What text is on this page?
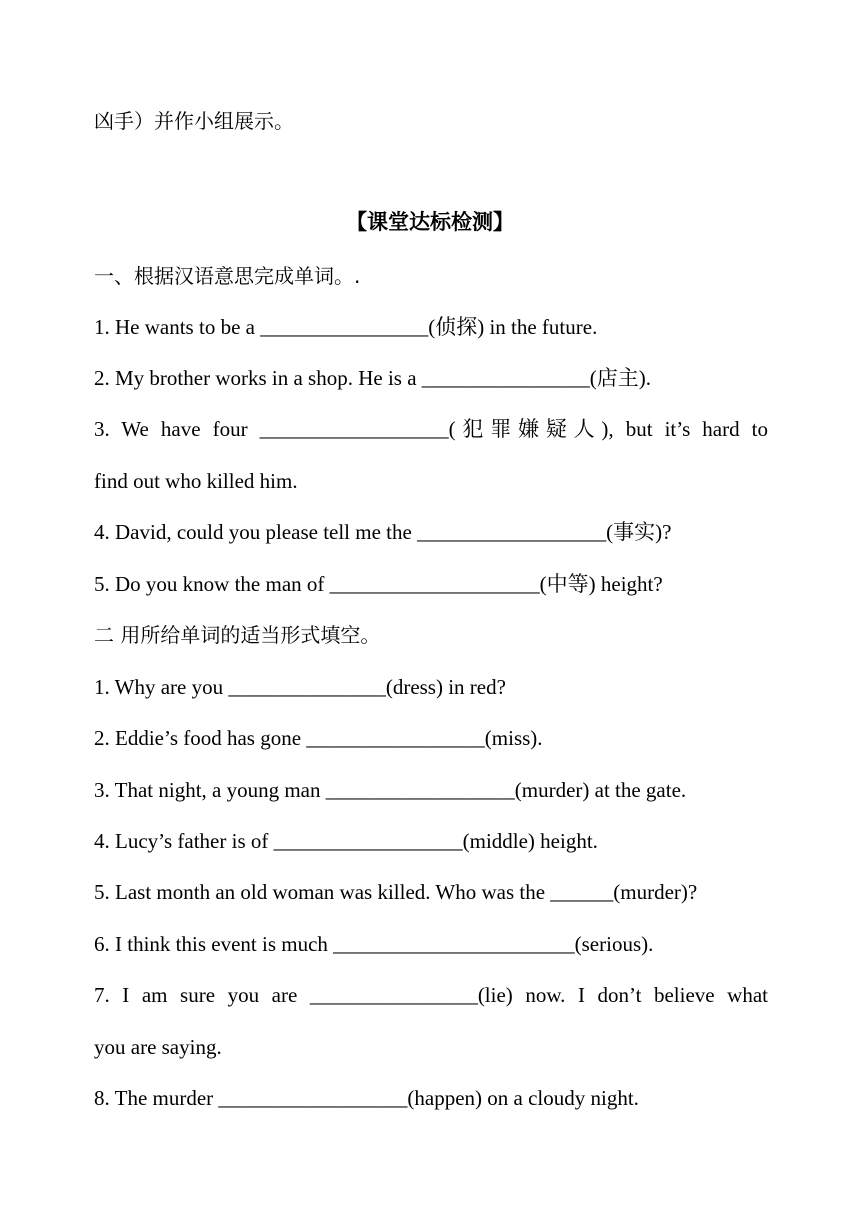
凶手）并作小组展示。
【课堂达标检测】
一、根据汉语意思完成单词。.
1. He wants to be a ________________(侦探) in the future.
2. My brother works in a shop. He is a ________________(店主).
3. We have four __________________(犯罪嫌疑人), but it’s hard to
find out who killed him.
4. David, could you please tell me the __________________(事实)?
5. Do you know the man of ____________________(中等) height?
二 用所给单词的适当形式填空。
1. Why are you _______________(dress) in red?
2. Eddie’s food has gone _________________(miss).
3. That night, a young man __________________(murder) at the gate.
4. Lucy’s father is of __________________(middle) height.
5. Last month an old woman was killed. Who was the ______(murder)?
6. I think this event is much _______________________(serious).
7. I am sure you are ________________(lie) now. I don’t believe what
you are saying.
8. The murder __________________(happen) on a cloudy night.
